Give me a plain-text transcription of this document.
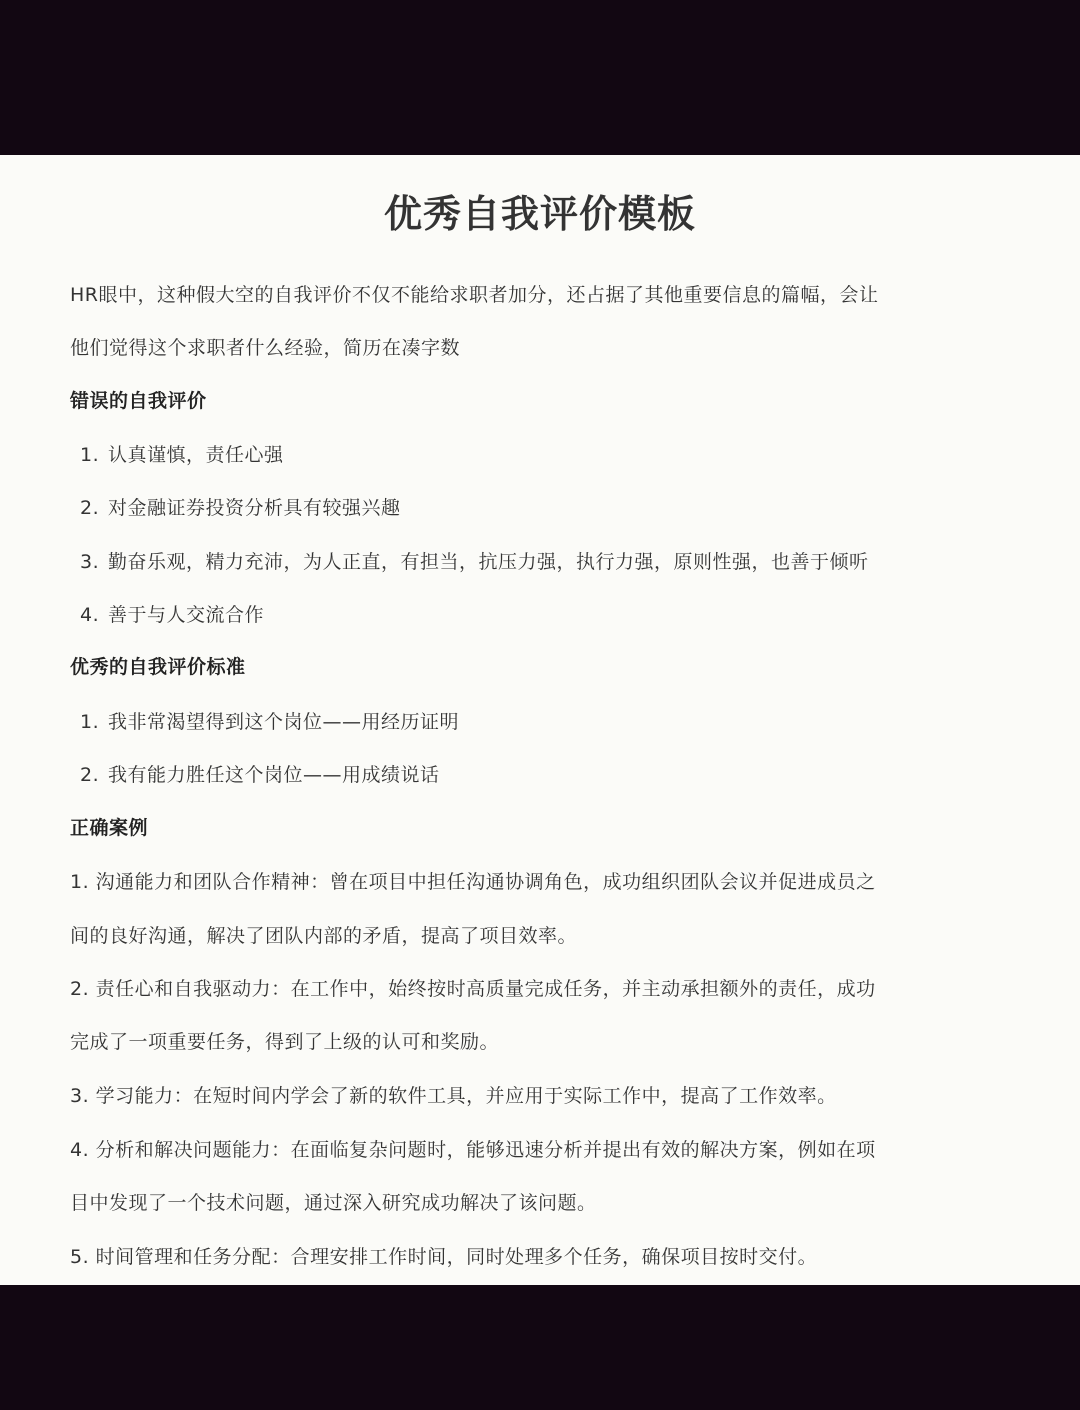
优秀自我评价模板
HR眼中，这种假大空的自我评价不仅不能给求职者加分，还占据了其他重要信息的篇幅，会让
他们觉得这个求职者什么经验，简历在凑字数
错误的自我评价
1. 认真谨慎，责任心强
2. 对金融证券投资分析具有较强兴趣
3. 勤奋乐观，精力充沛，为人正直，有担当，抗压力强，执行力强，原则性强，也善于倾听
4. 善于与人交流合作
优秀的自我评价标准
1. 我非常渴望得到这个岗位——用经历证明
2. 我有能力胜任这个岗位——用成绩说话
正确案例
1. 沟通能力和团队合作精神：曾在项目中担任沟通协调角色，成功组织团队会议并促进成员之
间的良好沟通，解决了团队内部的矛盾，提高了项目效率。
2. 责任心和自我驱动力：在工作中，始终按时高质量完成任务，并主动承担额外的责任，成功
完成了一项重要任务，得到了上级的认可和奖励。
3. 学习能力：在短时间内学会了新的软件工具，并应用于实际工作中，提高了工作效率。
4. 分析和解决问题能力：在面临复杂问题时，能够迅速分析并提出有效的解决方案，例如在项
目中发现了一个技术问题，通过深入研究成功解决了该问题。
5. 时间管理和任务分配：合理安排工作时间，同时处理多个任务，确保项目按时交付。
